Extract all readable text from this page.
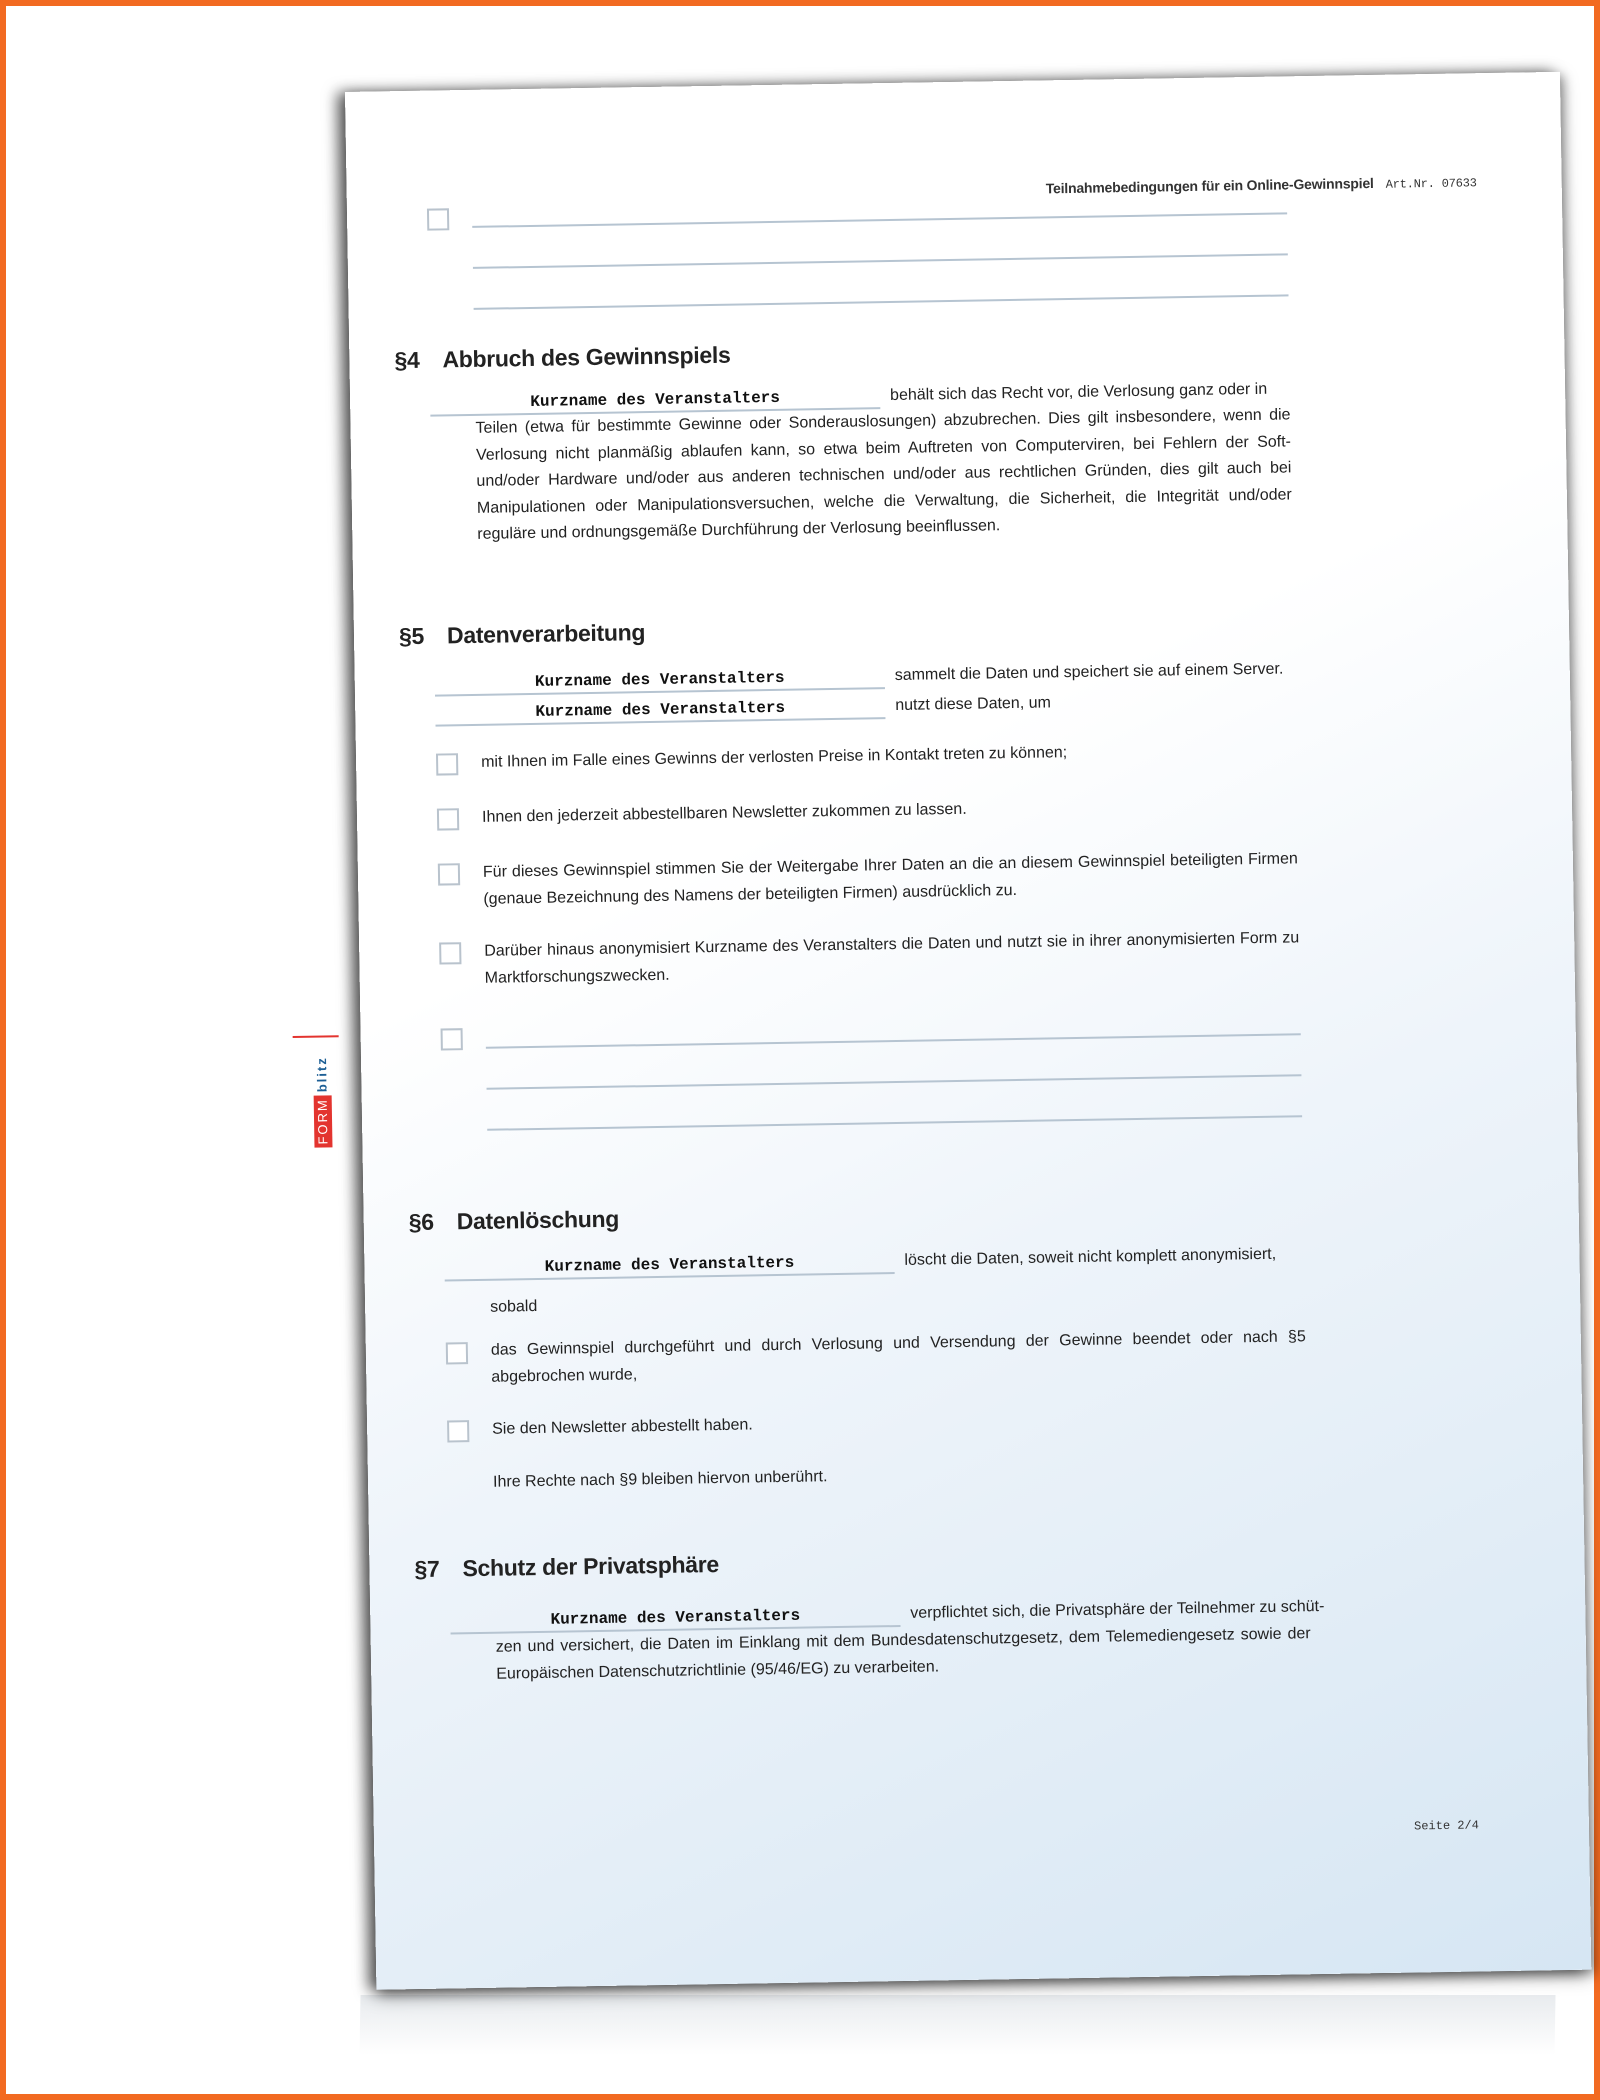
Teilnahmebedingungen für ein Online-Gewinnspiel Art.Nr. 07633
FORM
blitz
§4 Abbruch des Gewinnspiels
Kurzname des Veranstalters	behält sich das Recht vor, die Verlosung ganz oder in
Teilen (etwa für bestimmte Gewinne oder Sonderauslosungen) abzubrechen. Dies gilt insbesondere, wenn die Verlosung nicht planmäßig ablaufen kann, so etwa beim Auftreten von Computerviren, bei Fehlern der Soft- und/oder Hardware und/oder aus anderen technischen und/oder aus rechtlichen Gründen, dies gilt auch bei Manipulationen oder Manipulationsversuchen, welche die Verwaltung, die Sicherheit, die Integrität und/oder reguläre und ordnungsgemäße Durchführung der Verlosung beeinflussen.
§5 Datenverarbeitung
Kurzname des Veranstalters	sammelt die Daten und speichert sie auf einem Server.
Kurzname des Veranstalters	nutzt diese Daten, um
mit Ihnen im Falle eines Gewinns der verlosten Preise in Kontakt treten zu können;
Ihnen den jederzeit abbestellbaren Newsletter zukommen zu lassen.
Für dieses Gewinnspiel stimmen Sie der Weitergabe Ihrer Daten an die an diesem Gewinnspiel beteiligten Firmen (genaue Bezeichnung des Namens der beteiligten Firmen) ausdrücklich zu.
Darüber hinaus anonymisiert Kurzname des Veranstalters die Daten und nutzt sie in ihrer anonymisierten Form zu Marktforschungszwecken.
§6 Datenlöschung
Kurzname des Veranstalters	löscht die Daten, soweit nicht komplett anonymisiert,
sobald
das Gewinnspiel durchgeführt und durch Verlosung und Versendung der Gewinne beendet oder nach §5 abgebrochen wurde,
Sie den Newsletter abbestellt haben.
Ihre Rechte nach §9 bleiben hiervon unberührt.
§7 Schutz der Privatsphäre
Kurzname des Veranstalters	verpflichtet sich, die Privatsphäre der Teilnehmer zu schüt-
zen und versichert, die Daten im Einklang mit dem Bundesdatenschutzgesetz, dem Telemediengesetz sowie der Europäischen Datenschutzrichtlinie (95/46/EG) zu verarbeiten.
Seite 2/4
